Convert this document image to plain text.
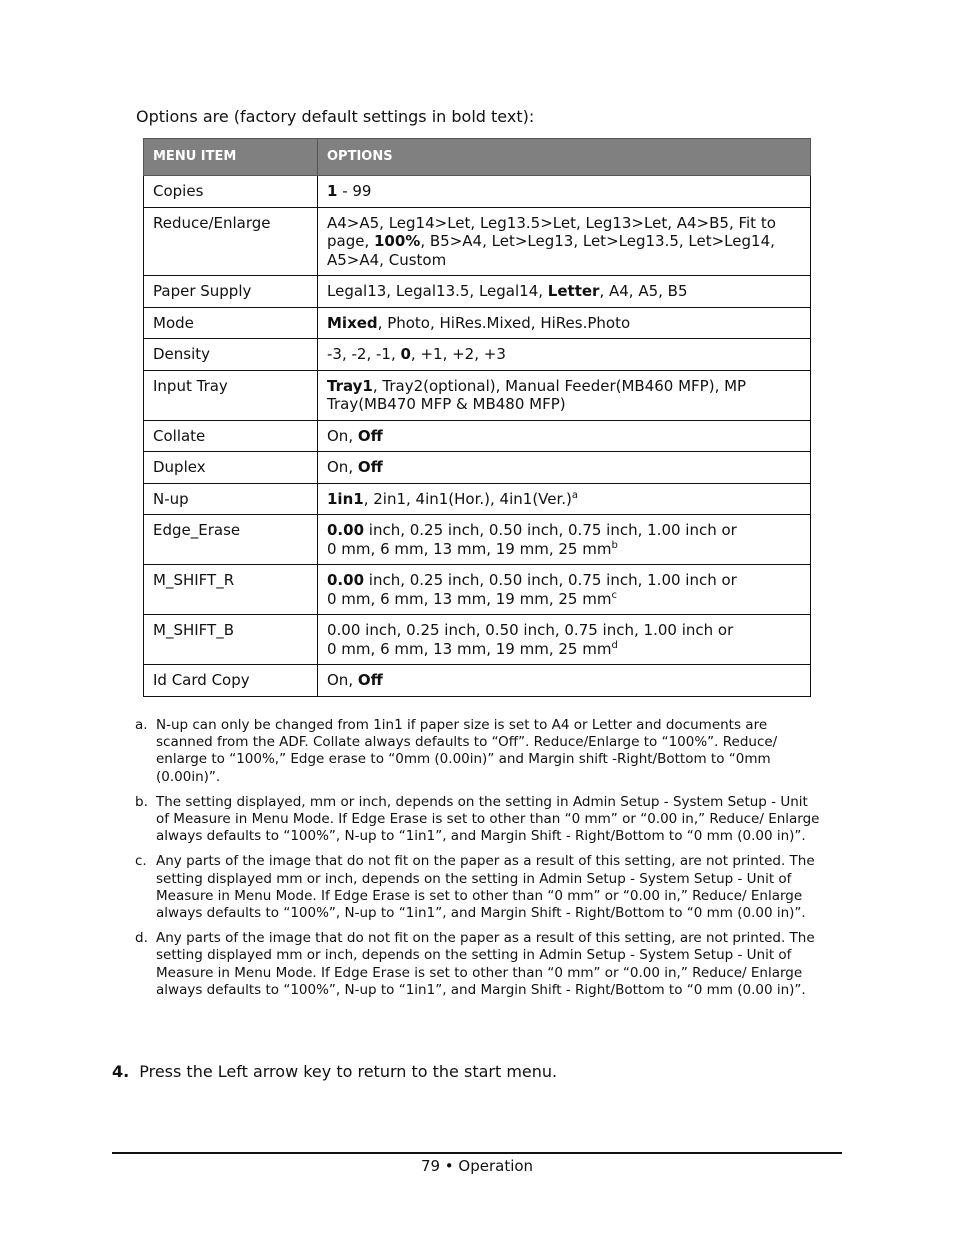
Options are (factory default settings in bold text):
MENU ITEM	OPTIONS
Copies	1 - 99
Reduce/Enlarge	A4>A5, Leg14>Let, Leg13.5>Let, Leg13>Let, A4>B5, Fit to page, 100%, B5>A4, Let>Leg13, Let>Leg13.5, Let>Leg14, A5>A4, Custom
Paper Supply	Legal13, Legal13.5, Legal14, Letter, A4, A5, B5
Mode	Mixed, Photo, HiRes.Mixed, HiRes.Photo
Density	-3, -2, -1, 0, +1, +2, +3
Input Tray	Tray1, Tray2(optional), Manual Feeder(MB460 MFP), MP Tray(MB470 MFP & MB480 MFP)
Collate	On, Off
Duplex	On, Off
N-up	1in1, 2in1, 4in1(Hor.), $4in1(Ver.)^a$
Edge_Erase	0.00 inch, 0.25 inch, 0.50 inch, 0.75 inch, 1.00 inch or
0 mm, 6 mm, 13 mm, 19 mm, 25 $mm^b$
M_SHIFT_R	0.00 inch, 0.25 inch, 0.50 inch, 0.75 inch, 1.00 inch or
0 mm, 6 mm, 13 mm, 19 mm, 25 $mm^c$
M_SHIFT_B	0.00 inch, 0.25 inch, 0.50 inch, 0.75 inch, 1.00 inch or
0 mm, 6 mm, 13 mm, 19 mm, 25 $mm^d$
Id Card Copy	On, Off
a. N-up can only be changed from 1in1 if paper size is set to A4 or Letter and documents are scanned from the ADF. Collate always defaults to “Off”. Reduce/Enlarge to “100%”. Reduce/ enlarge to “100%,” Edge erase to “0mm (0.00in)” and Margin shift -Right/Bottom to “0mm (0.00in)”.
b. The setting displayed, mm or inch, depends on the setting in Admin Setup - System Setup - Unit of Measure in Menu Mode. If Edge Erase is set to other than “0 mm” or “0.00 in,” Reduce/ Enlarge always defaults to “100%”, N-up to “1in1”, and Margin Shift - Right/Bottom to “0 mm (0.00 in)”.
c. Any parts of the image that do not fit on the paper as a result of this setting, are not printed. The setting displayed mm or inch, depends on the setting in Admin Setup - System Setup - Unit of Measure in Menu Mode. If Edge Erase is set to other than “0 mm” or “0.00 in,” Reduce/ Enlarge always defaults to “100%”, N-up to “1in1”, and Margin Shift - Right/Bottom to “0 mm (0.00 in)”.
d. Any parts of the image that do not fit on the paper as a result of this setting, are not printed. The setting displayed mm or inch, depends on the setting in Admin Setup - System Setup - Unit of Measure in Menu Mode. If Edge Erase is set to other than “0 mm” or “0.00 in,” Reduce/ Enlarge always defaults to “100%”, N-up to “1in1”, and Margin Shift - Right/Bottom to “0 mm (0.00 in)”.
4. Press the Left arrow key to return to the start menu.
79 • Operation
